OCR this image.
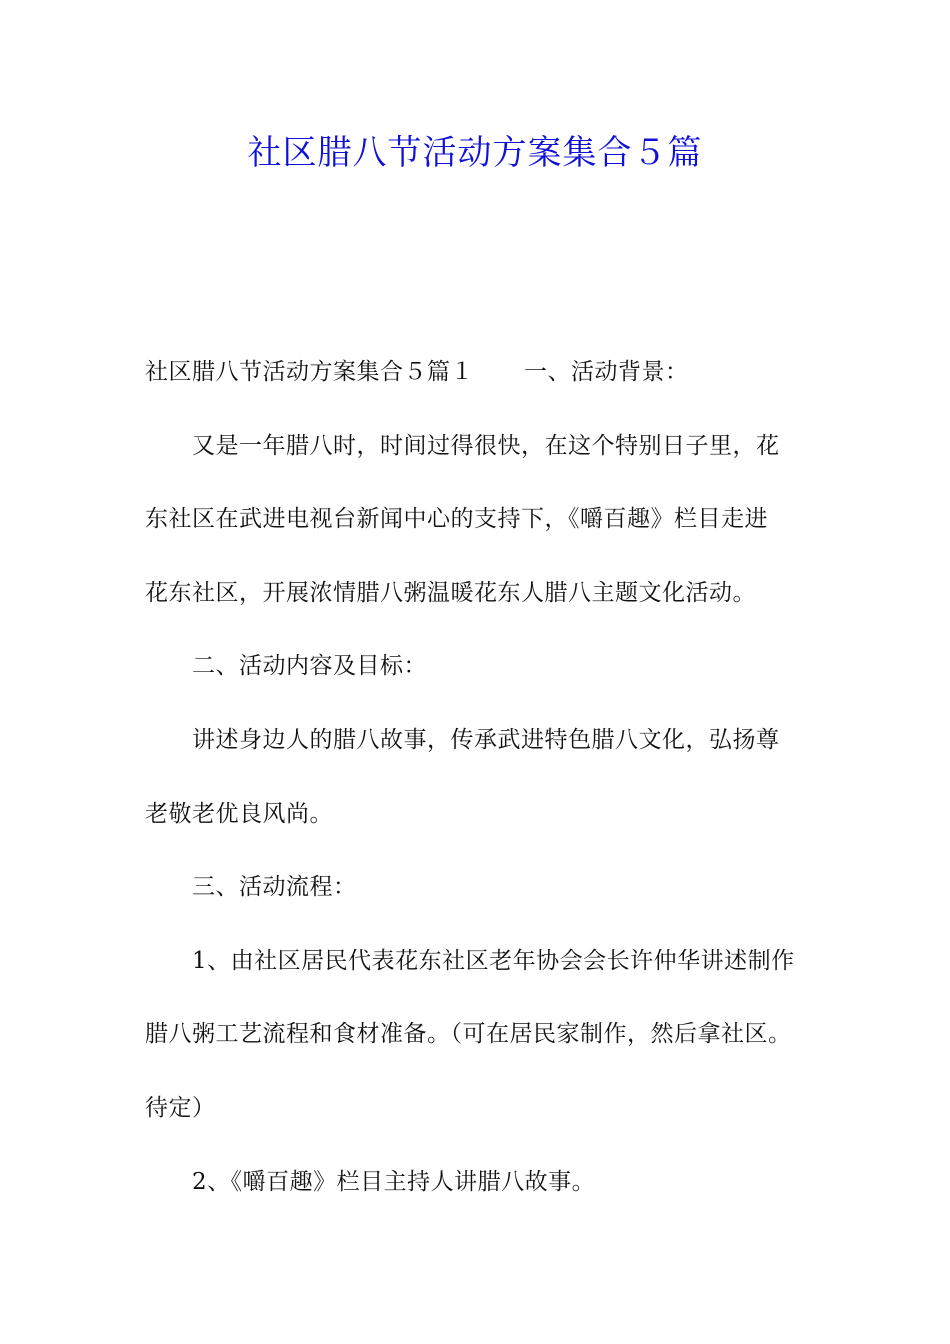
社区腊八节活动方案集合５篇
社区腊八节活动方案集合５篇１ 一、活动背景：
又是一年腊八时，时间过得很快，在这个特别日子里，花
东社区在武进电视台新闻中心的支持下，《嚼百趣》栏目走进
花东社区，开展浓情腊八粥温暖花东人腊八主题文化活动。
二、活动内容及目标：
讲述身边人的腊八故事，传承武进特色腊八文化，弘扬尊
老敬老优良风尚。
三、活动流程：
1、由社区居民代表花东社区老年协会会长许仲华讲述制作
腊八粥工艺流程和食材准备。（可在居民家制作，然后拿社区。
待定）
2、《嚼百趣》栏目主持人讲腊八故事。
